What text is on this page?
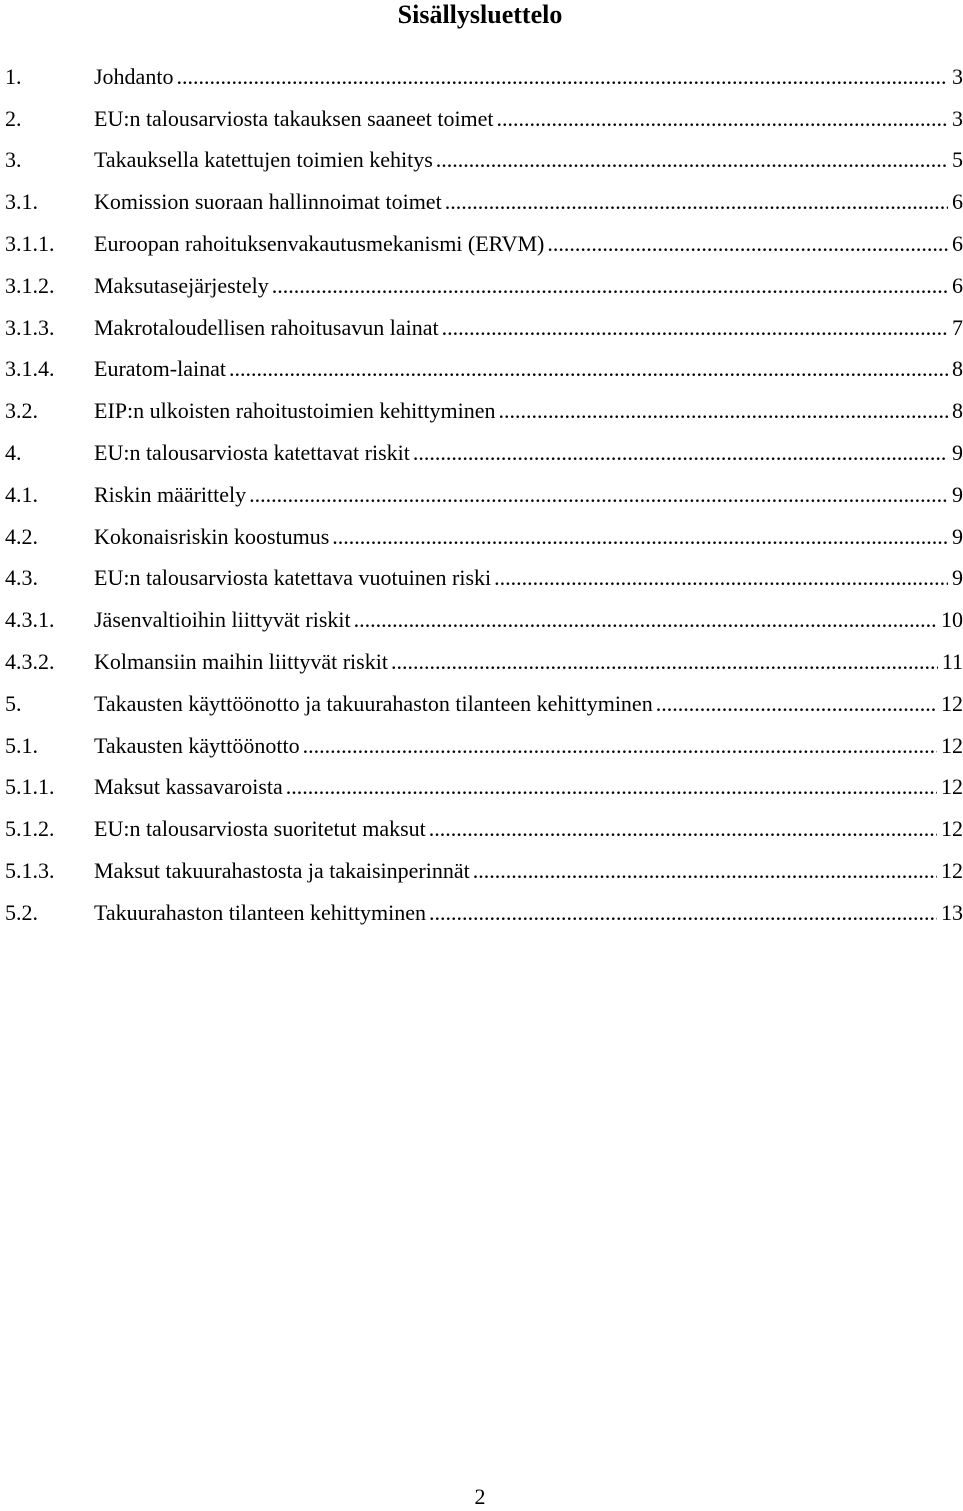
Sisällysluettelo
1.	Johdanto .....	3
2.	EU:n talousarviosta takauksen saaneet toimet .....	3
3.	Takauksella katettujen toimien kehitys .....	5
3.1.	Komission suoraan hallinnoimat toimet .....	6
3.1.1.	Euroopan rahoituksenvakautusmekanismi (ERVM) .....	6
3.1.2.	Maksutasejärjestely .....	6
3.1.3.	Makrotaloudellisen rahoitusavun lainat .....	7
3.1.4.	Euratom-lainat .....	8
3.2.	EIP:n ulkoisten rahoitustoimien kehittyminen .....	8
4.	EU:n talousarviosta katettavat riskit .....	9
4.1.	Riskin määrittely .....	9
4.2.	Kokonaisriskin koostumus .....	9
4.3.	EU:n talousarviosta katettava vuotuinen riski .....	9
4.3.1.	Jäsenvaltioihin liittyvät riskit .....	10
4.3.2.	Kolmansiin maihin liittyvät riskit .....	11
5.	Takausten käyttöönotto ja takuurahaston tilanteen kehittyminen .....	12
5.1.	Takausten käyttöönotto .....	12
5.1.1.	Maksut kassavaroista .....	12
5.1.2.	EU:n talousarviosta suoritetut maksut .....	12
5.1.3.	Maksut takuurahastosta ja takaisinperinnät .....	12
5.2.	Takuurahaston tilanteen kehittyminen .....	13
2
